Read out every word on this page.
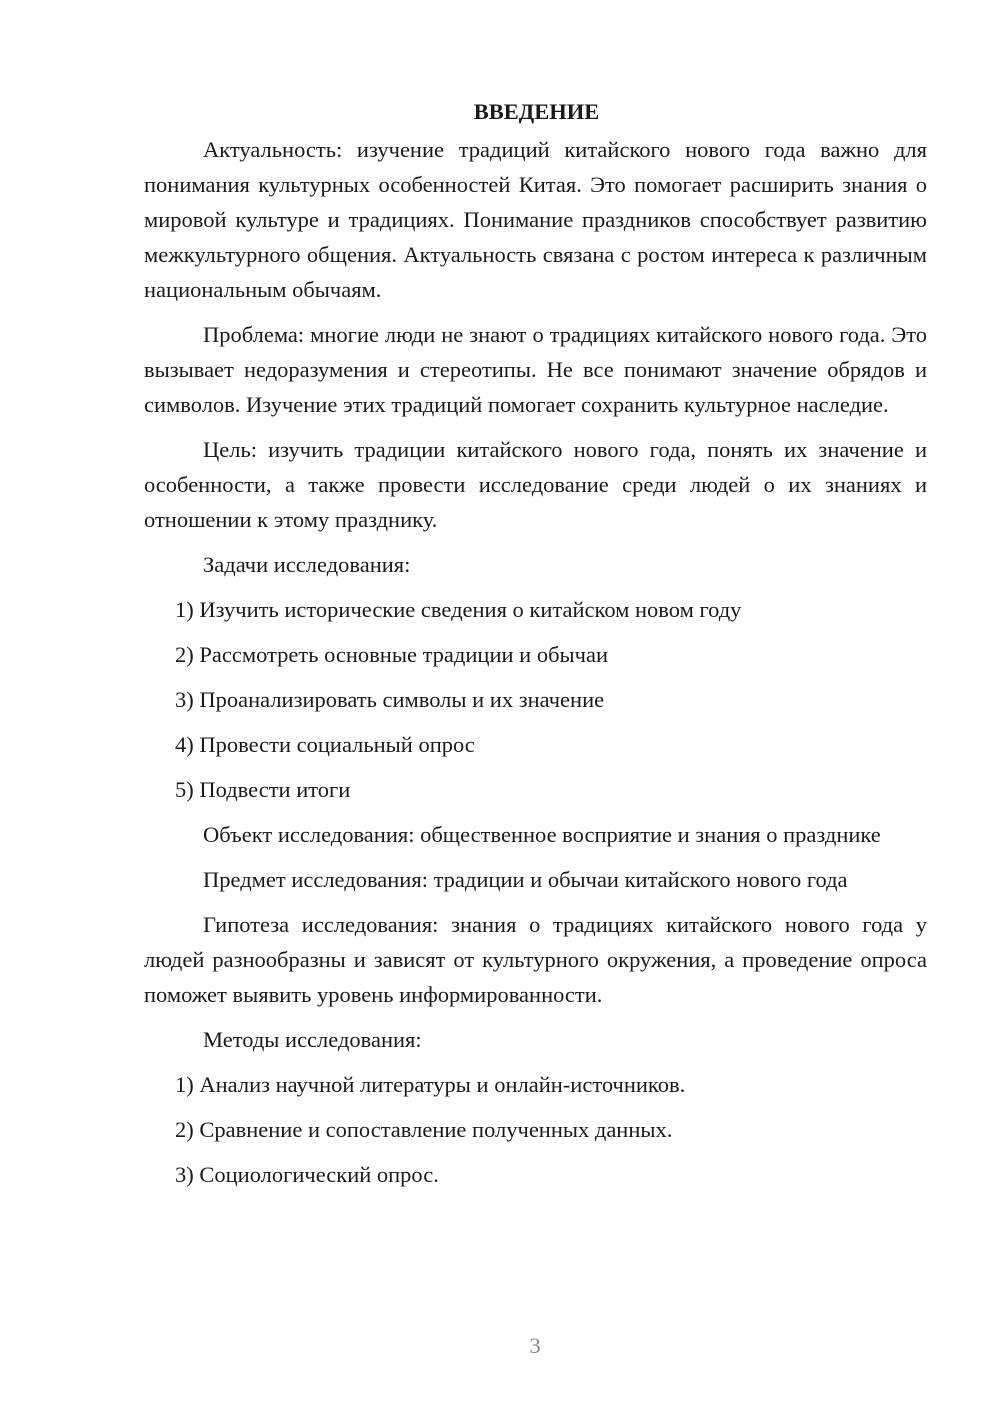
ВВЕДЕНИЕ

Актуальность: изучение традиций китайского нового года важно для понимания культурных особенностей Китая. Это помогает расширить знания о мировой культуре и традициях. Понимание праздников способствует развитию межкультурного общения. Актуальность связана с ростом интереса к различным национальным обычаям.

Проблема: многие люди не знают о традициях китайского нового года. Это вызывает недоразумения и стереотипы. Не все понимают значение обрядов и символов. Изучение этих традиций помогает сохранить культурное наследие.

Цель: изучить традиции китайского нового года, понять их значение и особенности, а также провести исследование среди людей о их знаниях и отношении к этому празднику.

Задачи исследования:

1) Изучить исторические сведения о китайском новом году

2) Рассмотреть основные традиции и обычаи

3) Проанализировать символы и их значение

4) Провести социальный опрос

5) Подвести итоги

Объект исследования: общественное восприятие и знания о празднике

Предмет исследования: традиции и обычаи китайского нового года

Гипотеза исследования: знания о традициях китайского нового года у людей разнообразны и зависят от культурного окружения, а проведение опроса поможет выявить уровень информированности.

Методы исследования:

1) Анализ научной литературы и онлайн-источников.

2) Сравнение и сопоставление полученных данных.

3) Социологический опрос.

3
